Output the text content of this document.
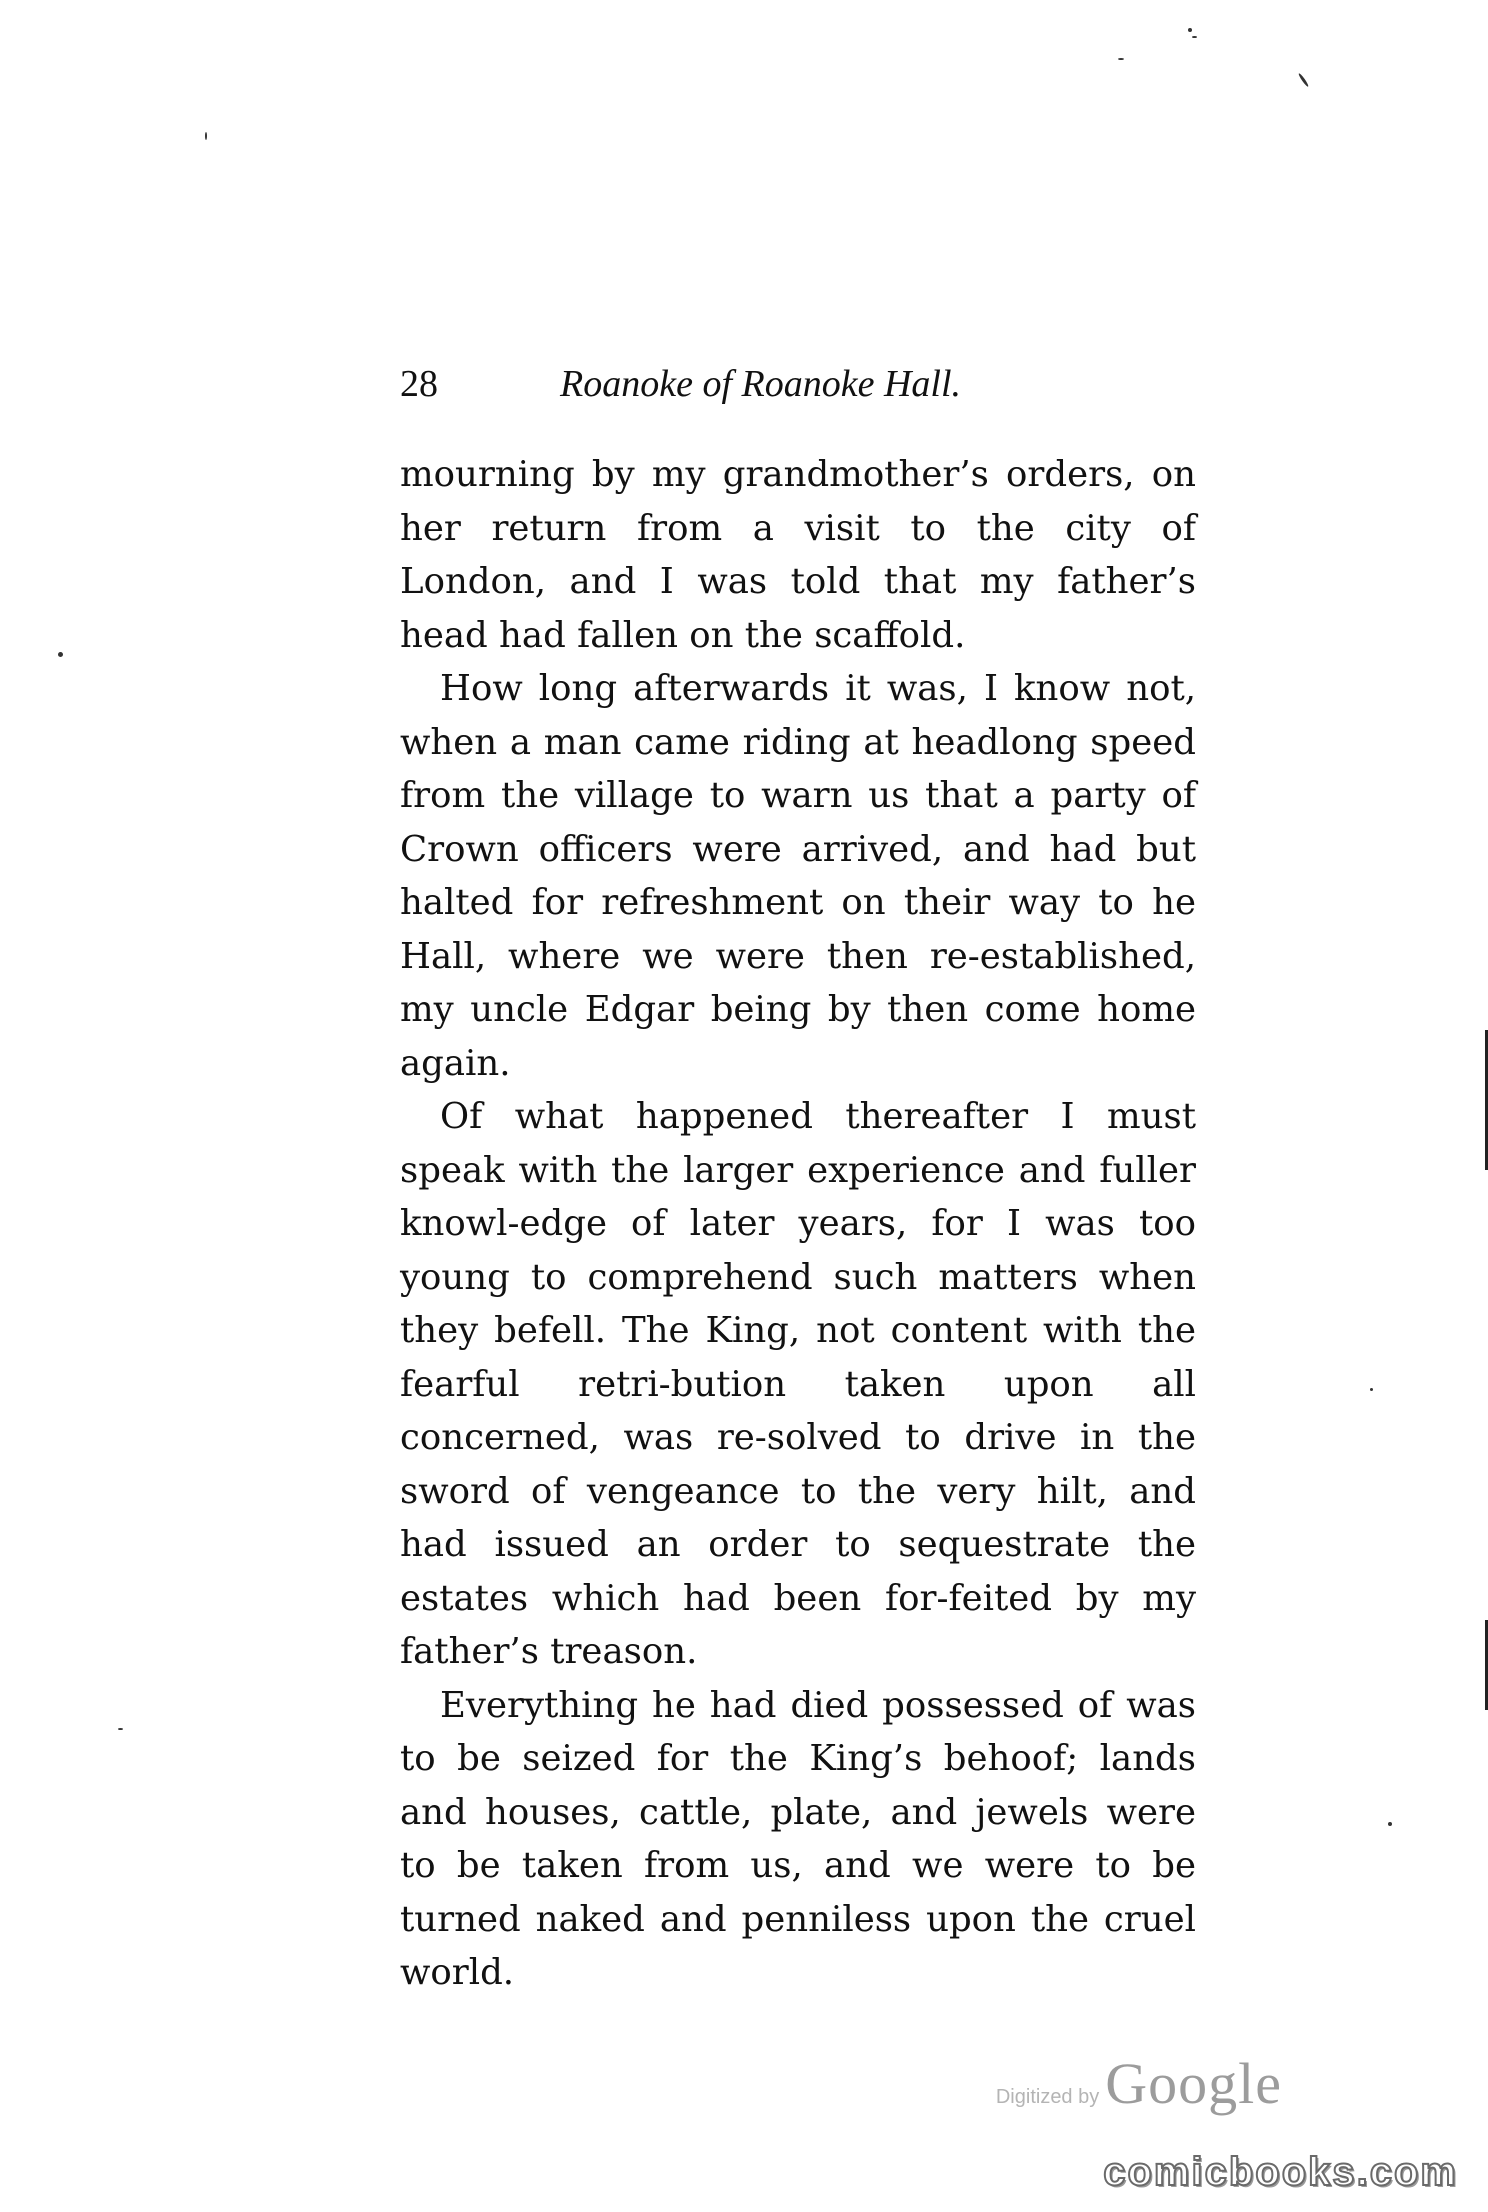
28	Roanoke of Roanoke Hall.

mourning by my grandmother’s orders, on her return from a visit to the city of London, and I was told that my father’s head had fallen on the scaffold.

How long afterwards it was, I know not, when a man came riding at headlong speed from the village to warn us that a party of Crown officers were arrived, and had but halted for refreshment on their way to he Hall, where we were then re-established, my uncle Edgar being by then come home again.

Of what happened thereafter I must speak with the larger experience and fuller knowl-edge of later years, for I was too young to comprehend such matters when they befell. The King, not content with the fearful retri-bution taken upon all concerned, was re-solved to drive in the sword of vengeance to the very hilt, and had issued an order to sequestrate the estates which had been for-feited by my father’s treason.

Everything he had died possessed of was to be seized for the King’s behoof; lands and houses, cattle, plate, and jewels were to be taken from us, and we were to be turned naked and penniless upon the cruel world.

Digitized by Google
comicbooks.com
